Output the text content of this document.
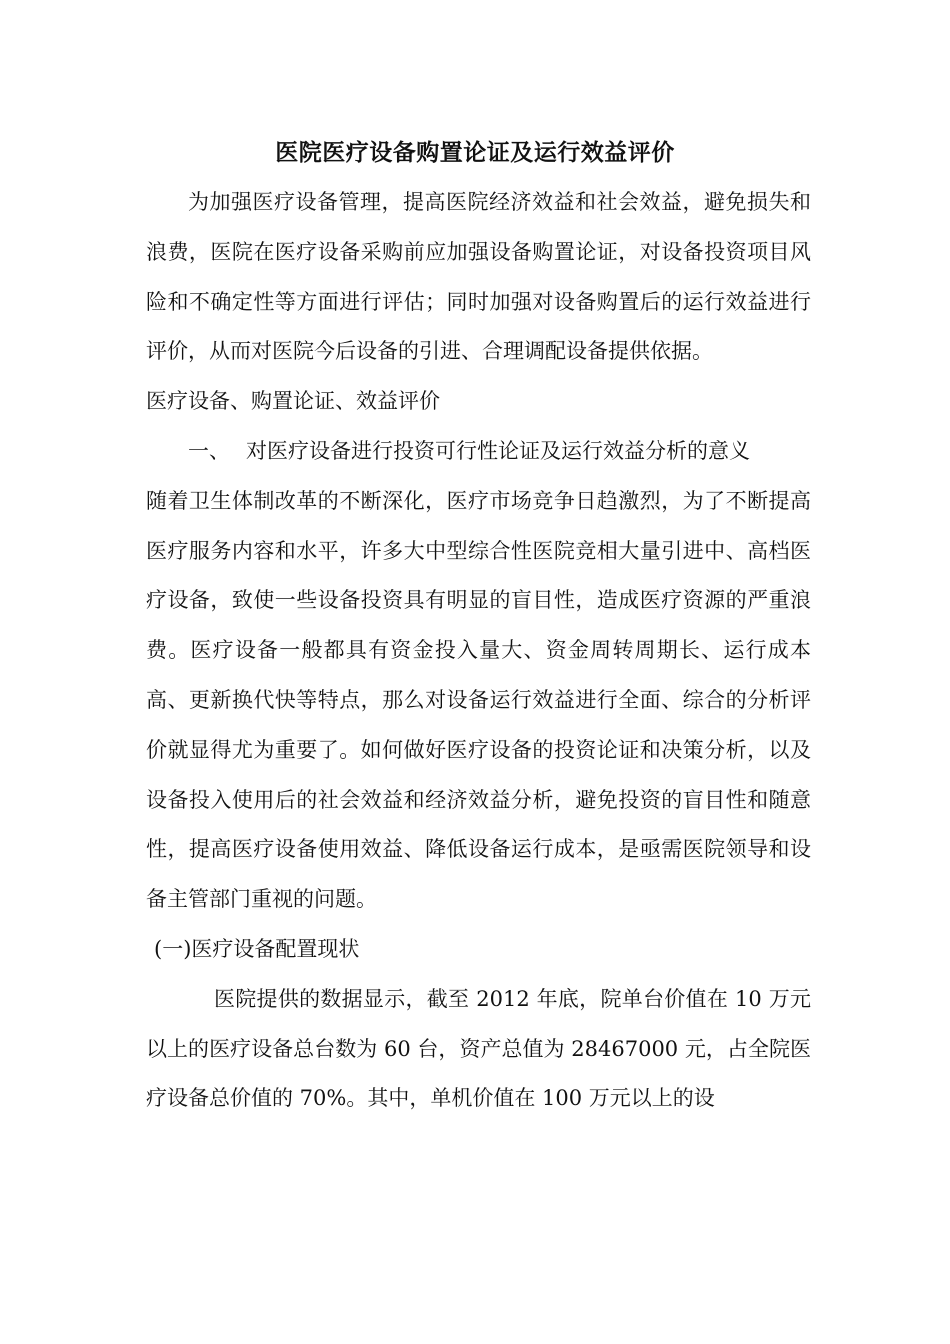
医院医疗设备购置论证及运行效益评价

为加强医疗设备管理，提高医院经济效益和社会效益，避免损失和浪费，医院在医疗设备采购前应加强设备购置论证，对设备投资项目风险和不确定性等方面进行评估；同时加强对设备购置后的运行效益进行评价，从而对医院今后设备的引进、合理调配设备提供依据。

医疗设备、购置论证、效益评价

一、 对医疗设备进行投资可行性论证及运行效益分析的意义

随着卫生体制改革的不断深化，医疗市场竞争日趋激烈，为了不断提高医疗服务内容和水平，许多大中型综合性医院竞相大量引进中、高档医疗设备，致使一些设备投资具有明显的盲目性，造成医疗资源的严重浪费。医疗设备一般都具有资金投入量大、资金周转周期长、运行成本高、更新换代快等特点，那么对设备运行效益进行全面、综合的分析评价就显得尤为重要了。如何做好医疗设备的投资论证和决策分析，以及设备投入使用后的社会效益和经济效益分析，避免投资的盲目性和随意性，提高医疗设备使用效益、降低设备运行成本，是亟需医院领导和设备主管部门重视的问题。

(一)医疗设备配置现状

医院提供的数据显示，截至 2012 年底，院单台价值在 10 万元以上的医疗设备总台数为 60 台，资产总值为 28467000 元，占全院医疗设备总价值的 70%。其中，单机价值在 100 万元以上的设
